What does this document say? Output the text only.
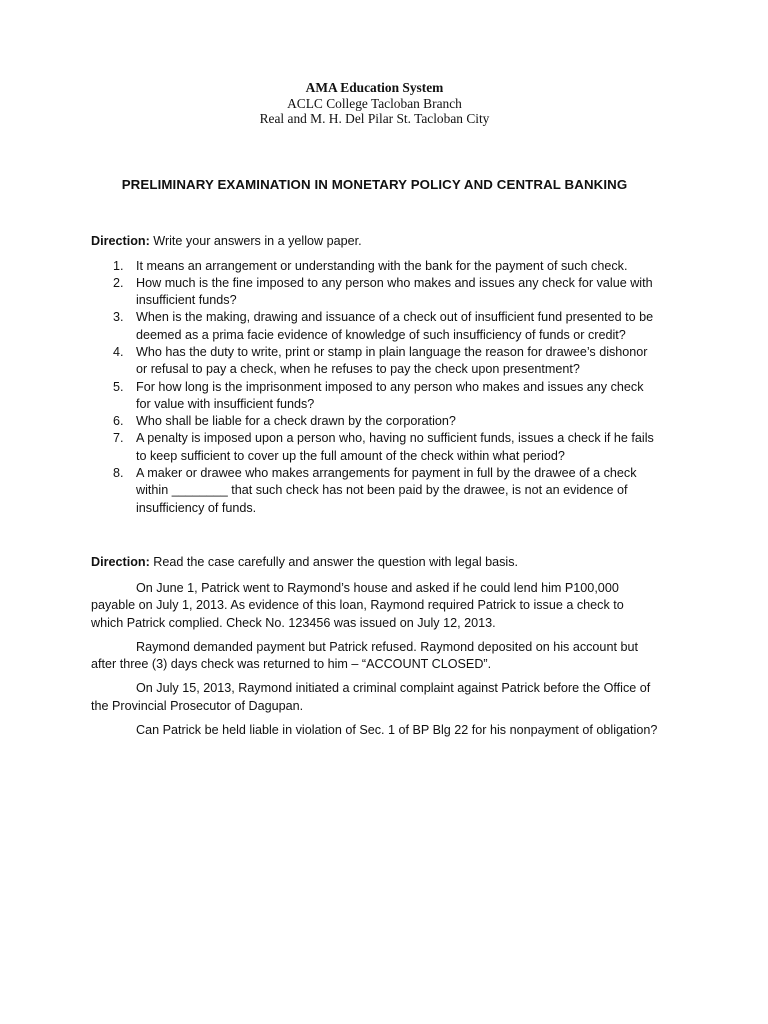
AMA Education System
ACLC College Tacloban Branch
Real and M. H. Del Pilar St. Tacloban City
PRELIMINARY EXAMINATION IN MONETARY POLICY AND CENTRAL BANKING
Direction: Write your answers in a yellow paper.
1. It means an arrangement or understanding with the bank for the payment of such check.
2. How much is the fine imposed to any person who makes and issues any check for value with insufficient funds?
3. When is the making, drawing and issuance of a check out of insufficient fund presented to be deemed as a prima facie evidence of knowledge of such insufficiency of funds or credit?
4. Who has the duty to write, print or stamp in plain language the reason for drawee’s dishonor or refusal to pay a check, when he refuses to pay the check upon presentment?
5. For how long is the imprisonment imposed to any person who makes and issues any check for value with insufficient funds?
6. Who shall be liable for a check drawn by the corporation?
7. A penalty is imposed upon a person who, having no sufficient funds, issues a check if he fails to keep sufficient to cover up the full amount of the check within what period?
8. A maker or drawee who makes arrangements for payment in full by the drawee of a check within ________ that such check has not been paid by the drawee, is not an evidence of insufficiency of funds.
Direction: Read the case carefully and answer the question with legal basis.

On June 1, Patrick went to Raymond’s house and asked if he could lend him P100,000 payable on July 1, 2013. As evidence of this loan, Raymond required Patrick to issue a check to which Patrick complied. Check No. 123456 was issued on July 12, 2013.

Raymond demanded payment but Patrick refused. Raymond deposited on his account but after three (3) days check was returned to him – “ACCOUNT CLOSED”.

On July 15, 2013, Raymond initiated a criminal complaint against Patrick before the Office of the Provincial Prosecutor of Dagupan.

Can Patrick be held liable in violation of Sec. 1 of BP Blg 22 for his nonpayment of obligation?
